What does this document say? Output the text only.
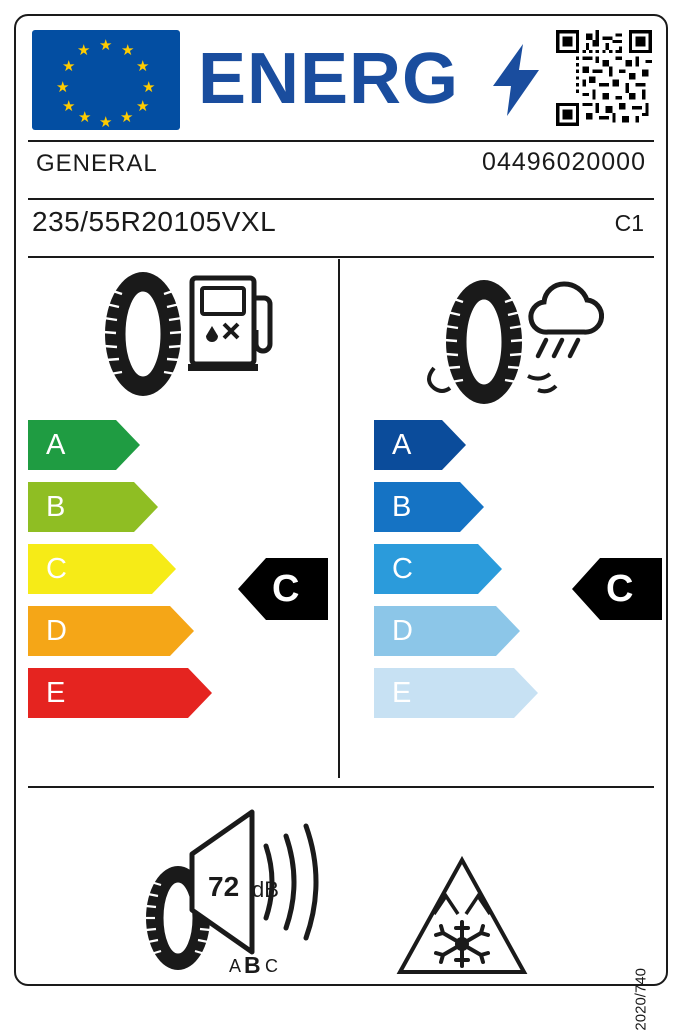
★ ★
★
★
★
★
★
★
★
★
★
★ ENERG
GENERAL	04496020000
235/55R20105VXL	C1
A
B
C
D
E
C
A
B
C
D
E
C
72 dB
A B C
2020/740
